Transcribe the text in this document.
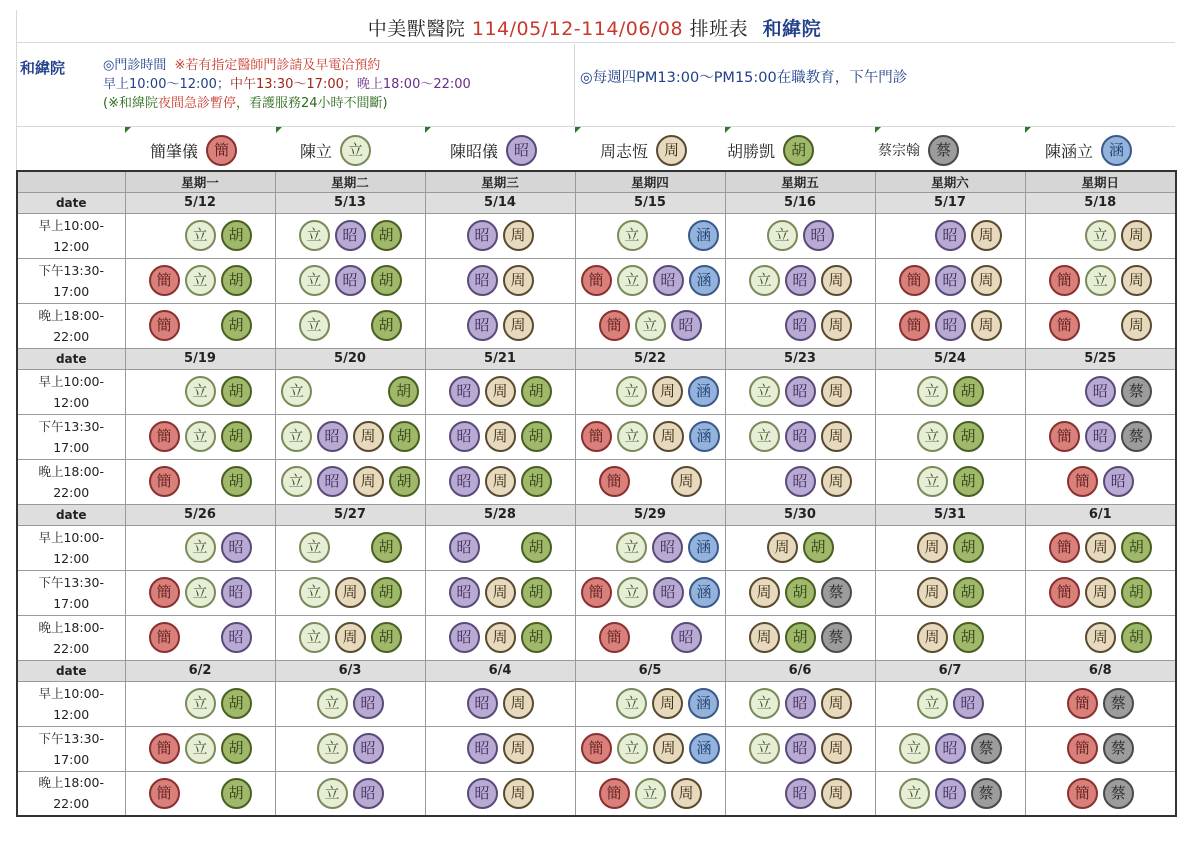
中美獸醫院 114/05/12-114/06/08 排班表 和緯院
和緯院	◎門診時間 ※若有指定醫師門診請及早電洽預約
早上10:00～12:00；中午13:30～17:00；晚上18:00～22:00
(※和緯院夜間急診暫停，看護服務24小時不間斷)
◎每週四PM13:00～PM15:00在職教育，下午門診
簡肇儀	簡	陳立	立	陳昭儀	昭	周志恆	周	胡勝凱	胡	蔡宗翰	蔡	陳涵立	涵
	星期一	星期二	星期三	星期四	星期五	星期六	星期日
date	5/12	5/13	5/14	5/15	5/16	5/17	5/18
早上10:00-
12:00	立 胡	立 昭 胡	昭 周	立 涵	立 昭	昭 周	立 周

下午13:30-
17:00	簡 立 胡	立 昭 胡	昭 周	簡 立 昭 涵	立 昭 周	簡 昭 周	簡 立 周

晚上18:00-
22:00	簡 胡	立 胡	昭 周	簡 立 昭	昭 周	簡 昭 周	簡 周

date	5/19	5/20	5/21	5/22	5/23	5/24	5/25
早上10:00-
12:00	立 胡	立 胡	昭 周 胡	立 周 涵	立 昭 周	立 胡	昭 蔡

下午13:30-
17:00	簡 立 胡	立 昭 周 胡	昭 周 胡	簡 立 周 涵	立 昭 周	立 胡	簡 昭 蔡

晚上18:00-
22:00	簡 胡	立 昭 周 胡	昭 周 胡	簡 周	昭 周	立 胡	簡 昭

date	5/26	5/27	5/28	5/29	5/30	5/31	6/1
早上10:00-
12:00	立 昭	立 胡	昭 胡	立 昭 涵	周 胡	周 胡	簡 周 胡

下午13:30-
17:00	簡 立 昭	立 周 胡	昭 周 胡	簡 立 昭 涵	周 胡 蔡	周 胡	簡 周 胡

晚上18:00-
22:00	簡 昭	立 周 胡	昭 周 胡	簡 昭	周 胡 蔡	周 胡	周 胡

date	6/2	6/3	6/4	6/5	6/6	6/7	6/8
早上10:00-
12:00	立 胡	立 昭	昭 周	立 周 涵	立 昭 周	立 昭	簡 蔡

下午13:30-
17:00	簡 立 胡	立 昭	昭 周	簡 立 周 涵	立 昭 周	立 昭 蔡	簡 蔡

晚上18:00-
22:00	簡 胡	立 昭	昭 周	簡 立 周	昭 周	立 昭 蔡	簡 蔡
